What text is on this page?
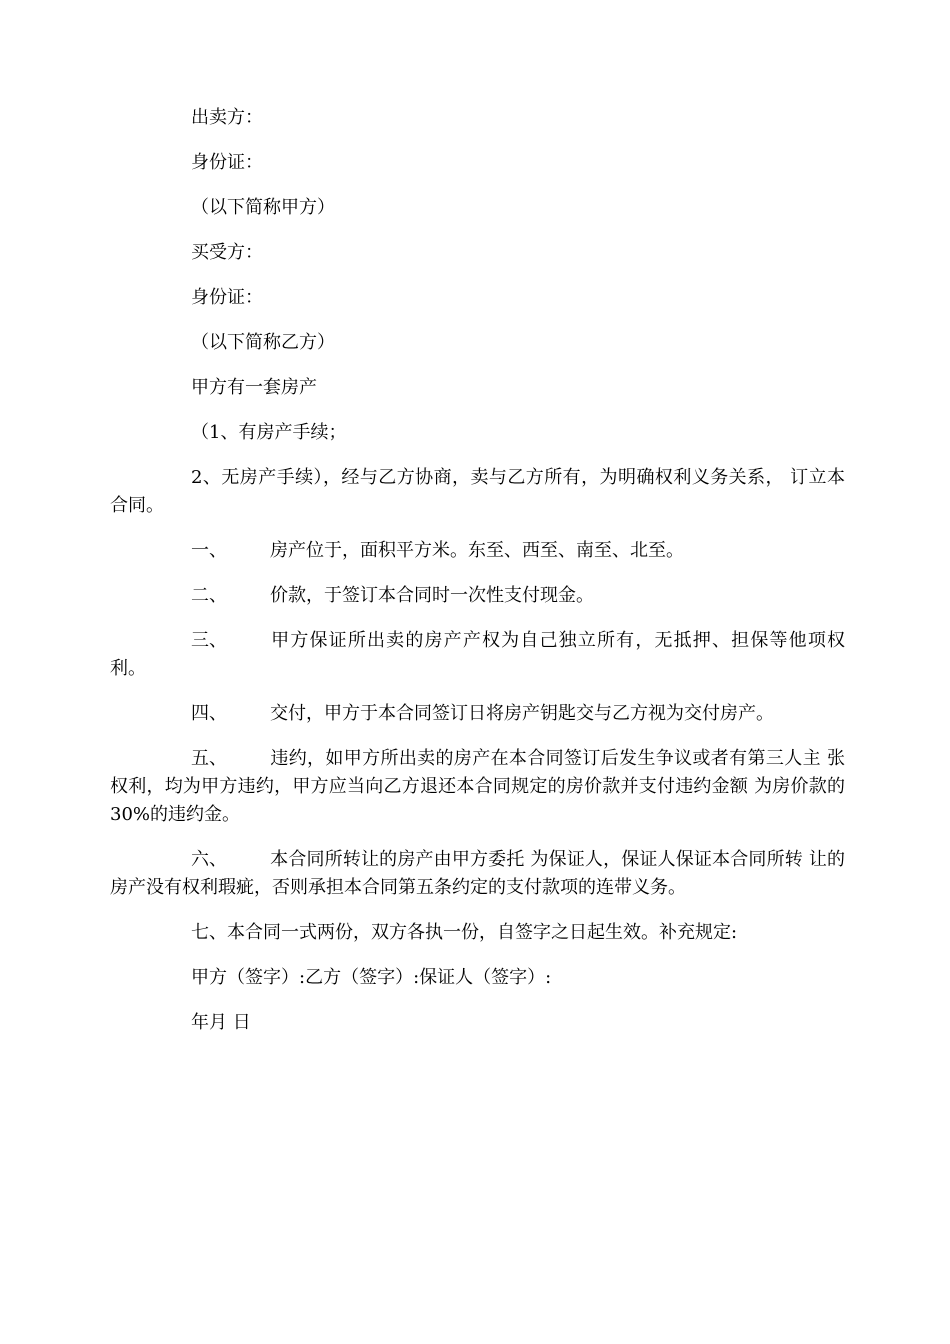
出卖方：

身份证：

（以下简称甲方）

买受方：

身份证：

（以下简称乙方）

甲方有一套房产

（1、有房产手续；

2、无房产手续），经与乙方协商，卖与乙方所有，为明确权利义务关系， 订立本合同。

一、 房产位于，面积平方米。东至、西至、南至、北至。

二、 价款，于签订本合同时一次性支付现金。

三、 甲方保证所出卖的房产产权为自己独立所有，无抵押、担保等他项权 利。

四、 交付，甲方于本合同签订日将房产钥匙交与乙方视为交付房产。

五、 违约，如甲方所出卖的房产在本合同签订后发生争议或者有第三人主 张权利，均为甲方违约，甲方应当向乙方退还本合同规定的房价款并支付违约金额 为房价款的30%的违约金。

六、 本合同所转让的房产由甲方委托 为保证人，保证人保证本合同所转 让的房产没有权利瑕疵，否则承担本合同第五条约定的支付款项的连带义务。

七、本合同一式两份，双方各执一份，自签字之日起生效。补充规定:

甲方（签字）:乙方（签字）:保证人（签字）:

年月 日
